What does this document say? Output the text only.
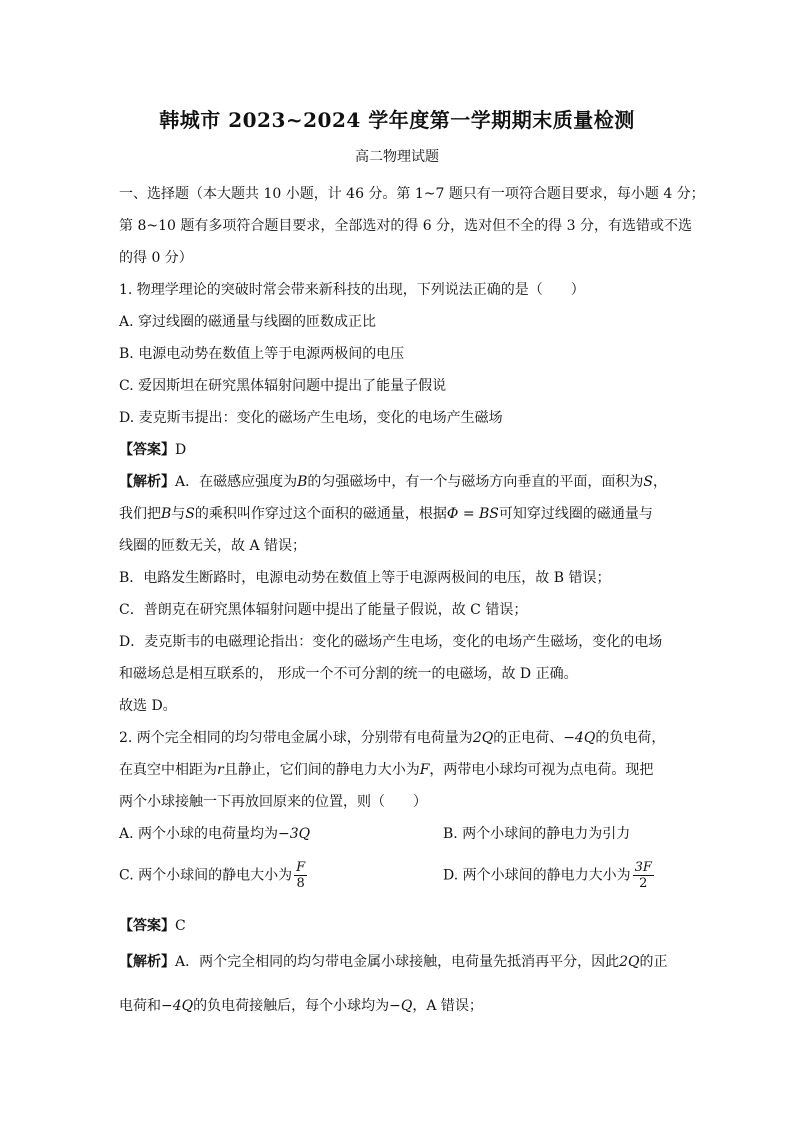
韩城市 2023~2024 学年度第一学期期末质量检测
高二物理试题
一、选择题（本大题共 10 小题，计 46 分。第 1~7 题只有一项符合题目要求，每小题 4 分；
第 8~10 题有多项符合题目要求，全部选对的得 6 分，选对但不全的得 3 分，有选错或不选
的得 0 分）
1. 物理学理论的突破时常会带来新科技的出现，下列说法正确的是（　　）
A. 穿过线圈的磁通量与线圈的匝数成正比
B. 电源电动势在数值上等于电源两极间的电压
C. 爱因斯坦在研究黑体辐射问题中提出了能量子假说
D. 麦克斯韦提出：变化的磁场产生电场，变化的电场产生磁场
【答案】D
【解析】A．在磁感应强度为B的匀强磁场中，有一个与磁场方向垂直的平面，面积为S，
我们把B与S的乘积叫作穿过这个面积的磁通量，根据Φ = BS可知穿过线圈的磁通量与
线圈的匝数无关，故 A 错误；
B．电路发生断路时，电源电动势在数值上等于电源两极间的电压，故 B 错误；
C．普朗克在研究黑体辐射问题中提出了能量子假说，故 C 错误；
D．麦克斯韦的电磁理论指出：变化的磁场产生电场，变化的电场产生磁场，变化的电场
和磁场总是相互联系的， 形成一个不可分割的统一的电磁场，故 D 正确。
故选 D。
2. 两个完全相同的均匀带电金属小球，分别带有电荷量为2Q的正电荷、−4Q的负电荷，
在真空中相距为r且静止，它们间的静电力大小为F，两带电小球均可视为点电荷。现把
两个小球接触一下再放回原来的位置，则（　　）
A. 两个小球的电荷量均为−3Q	B. 两个小球间的静电力为引力
C. 两个小球间的静电大小为 $\frac{F}{8}$	D. 两个小球间的静电力大小为 $\frac{3F}{2}$
【答案】C
【解析】A．两个完全相同的均匀带电金属小球接触，电荷量先抵消再平分，因此2Q的正
电荷和−4Q的负电荷接触后，每个小球均为−Q，A 错误；
